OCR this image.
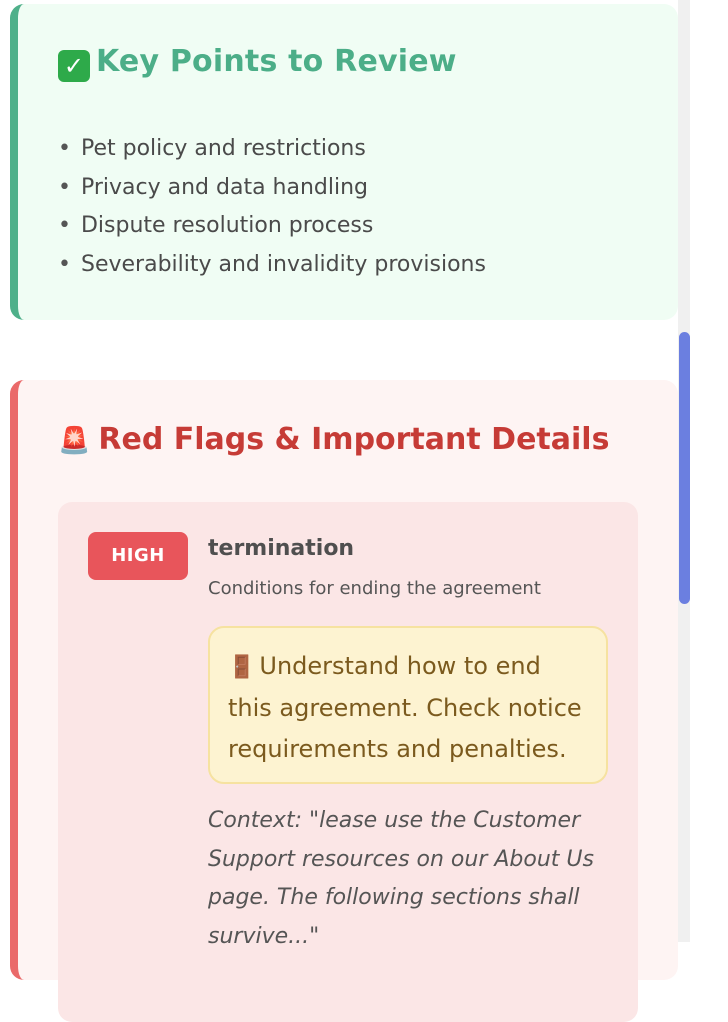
✓ Key Points to Review
• Pet policy and restrictions
• Privacy and data handling
• Dispute resolution process
• Severability and invalidity provisions
🚨 Red Flags & Important Details
HIGH	termination

Conditions for ending the agreement

🚪 Understand how to end this agreement. Check notice requirements and penalties.

Context: "lease use the Customer Support resources on our About Us page. The following sections shall survive..."
